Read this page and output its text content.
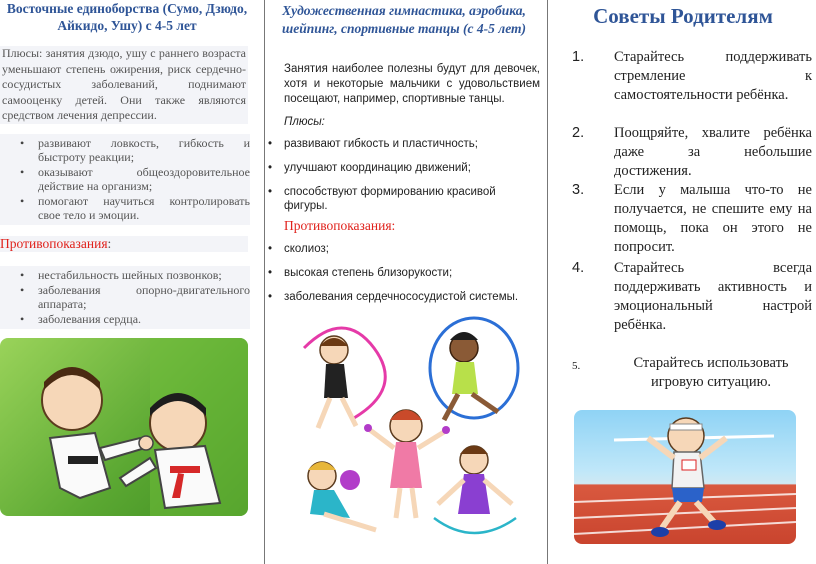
Восточные единоборства (Сумо, Дзюдо, Айкидо, Ушу) с 4-5 лет
Плюсы: занятия дзюдо, ушу с раннего возраста уменьшают степень ожирения, риск сердечно-сосудистых заболеваний, поднимают самооценку детей. Они также являются средством лечения депрессии.
• развивают ловкость, гибкость и быстроту реакции;
• оказывают общеоздоровительное действие на организм;
• помогают научиться контролировать свое тело и эмоции.
Противопоказания:
• нестабильность шейных позвонков;
• заболевания опорно-двигательного аппарата;
• заболевания сердца.
Художественная гимнастика, аэробика, шейпинг, спортивные танцы (с 4-5 лет)
Занятия наиболее полезны будут для девочек, хотя и некоторые мальчики с удовольствием посещают, например, спортивные танцы.
Плюсы:
• развивают гибкость и пластичность;
• улучшают координацию движений;
• способствуют формированию красивой фигуры.
Противопоказания:
• сколиоз;
• высокая степень близорукости;
• заболевания сердечнососудистой системы.
Советы Родителям
1. Старайтесь поддерживать стремление к самостоятельности ребёнка.
2. Поощряйте, хвалите ребёнка даже за небольшие достижения.
3. Если у малыша что-то не получается, не спешите ему на помощь, пока он этого не попросит.
4. Старайтесь всегда поддерживать активность и эмоциональный настрой ребёнка.
5.	Старайтесь использовать игровую ситуацию.
